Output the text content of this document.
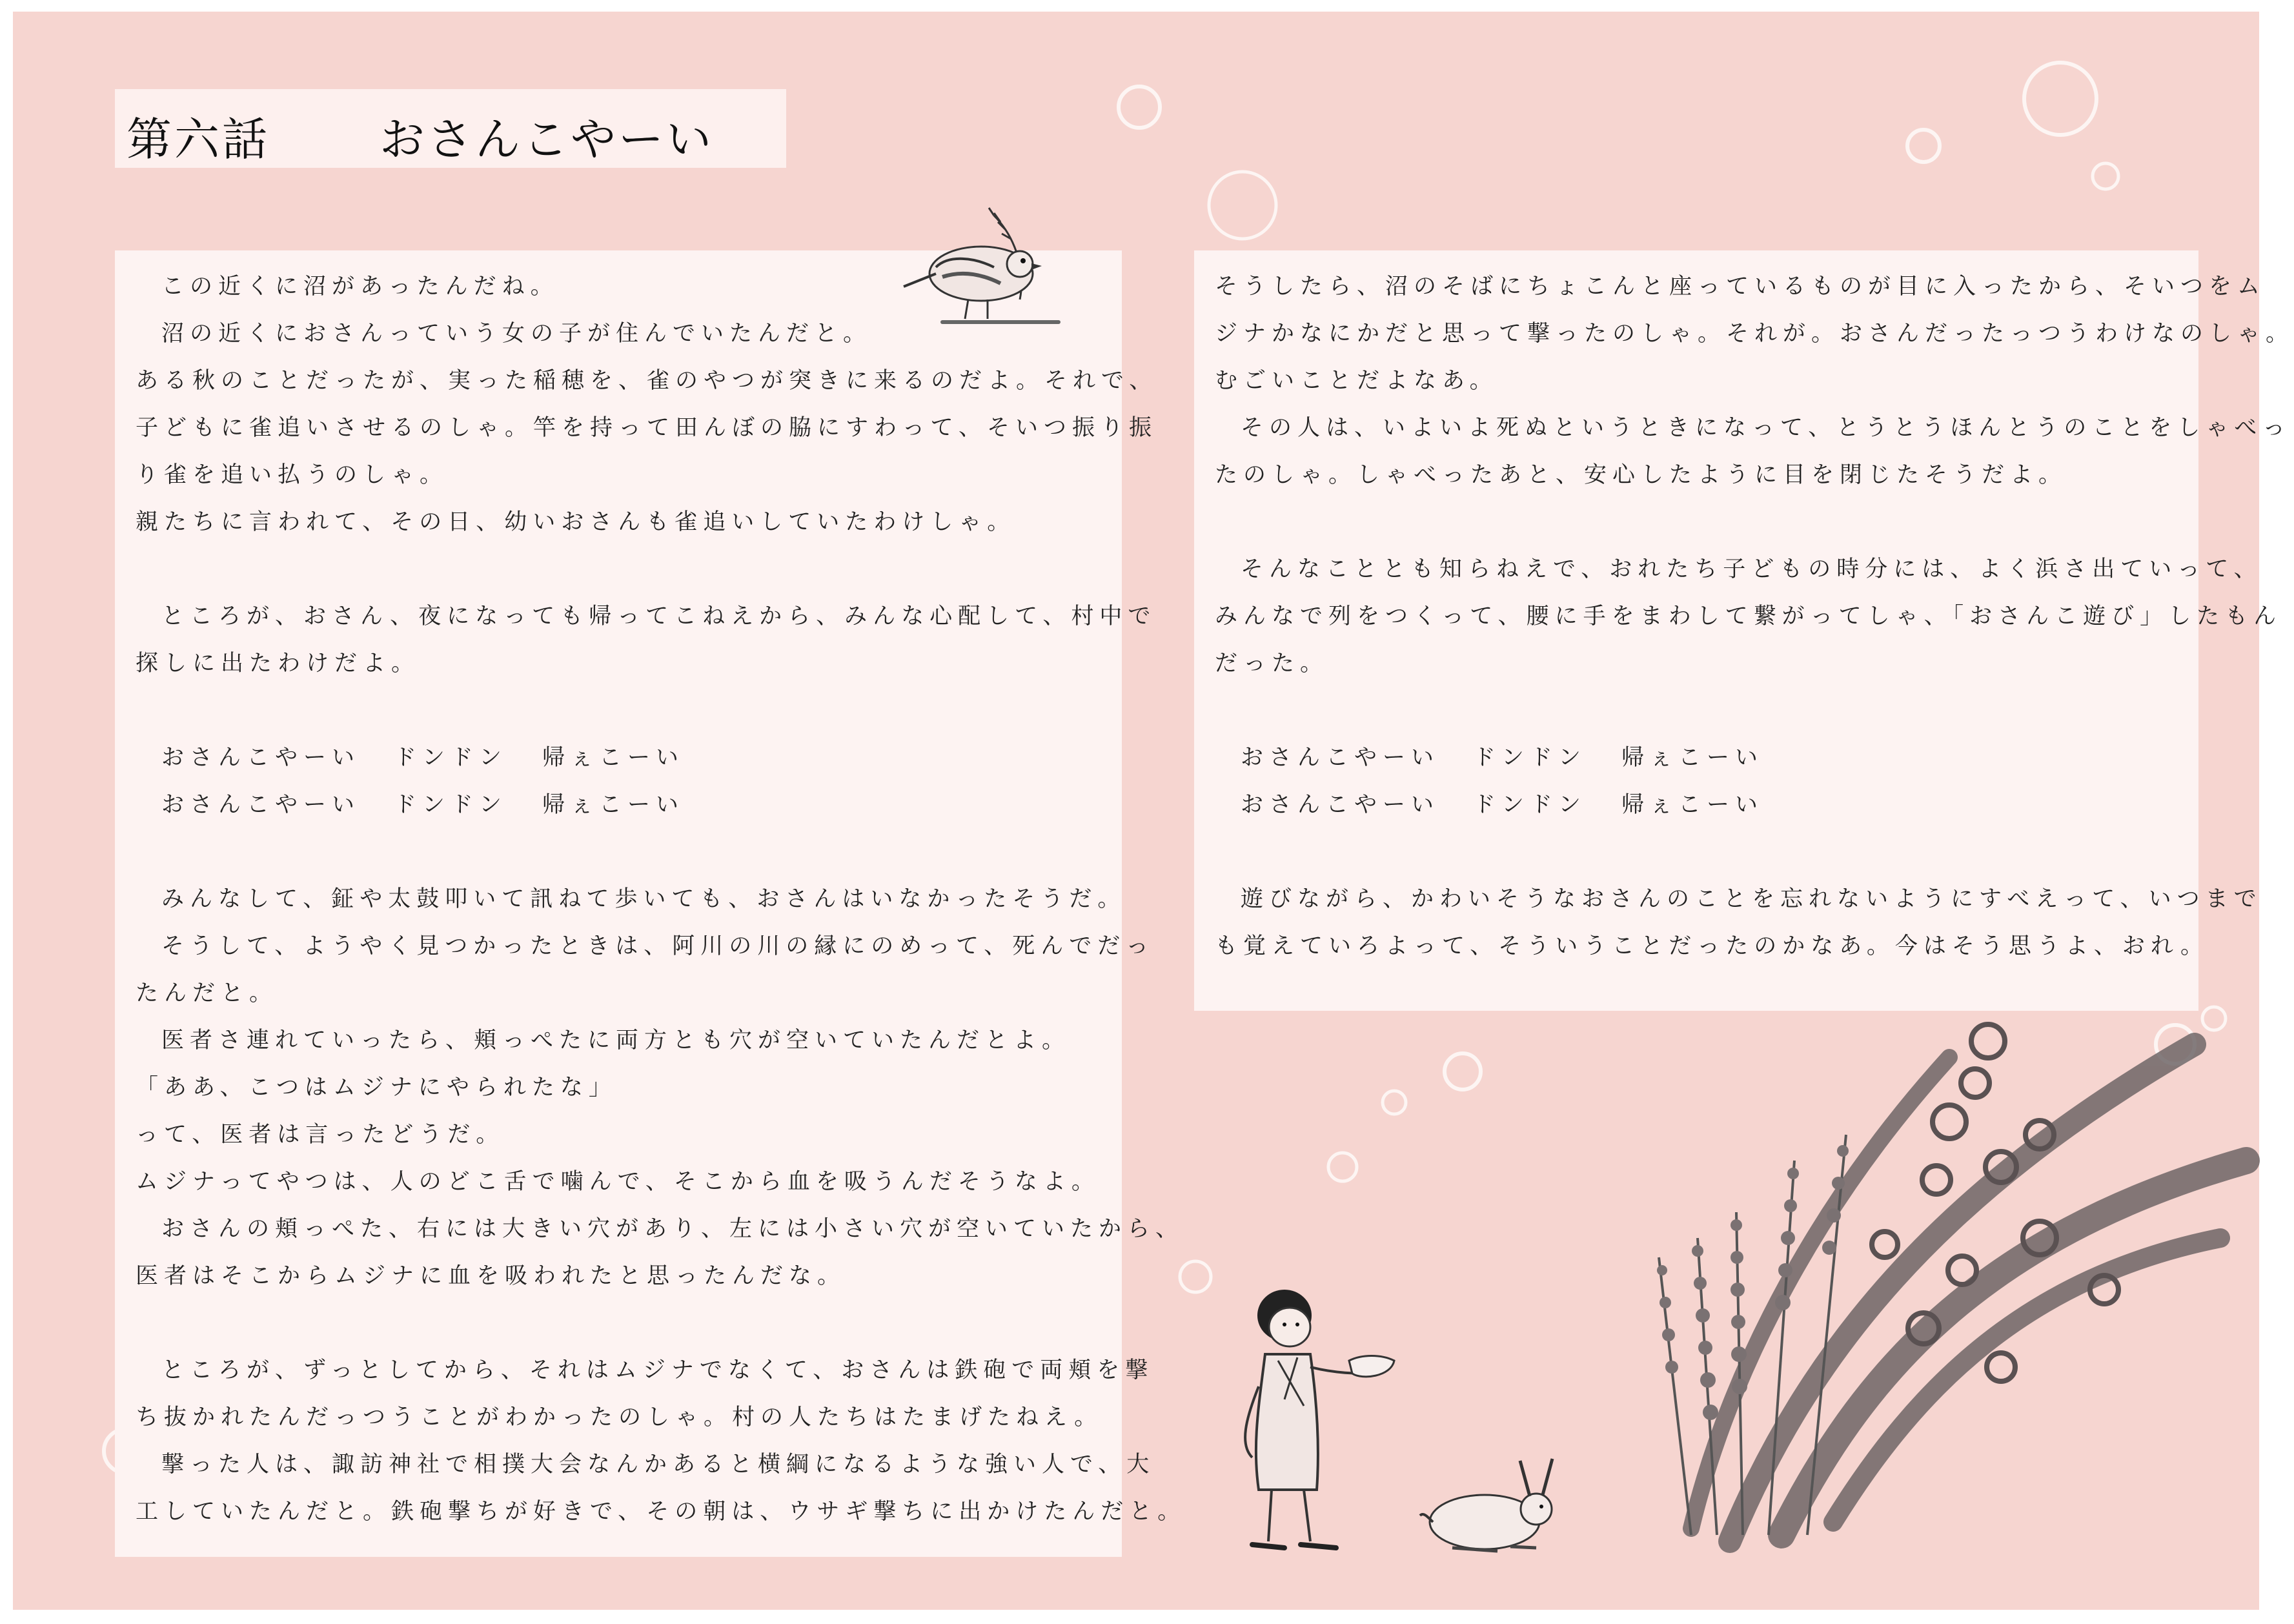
第六話 おさんこやーい
この近くに沼があったんだね。
沼の近くにおさんっていう女の子が住んでいたんだと。
ある秋のことだったが、実った稲穂を、雀のやつが突きに来るのだよ。それで、
子どもに雀追いさせるのしゃ。竿を持って田んぼの脇にすわって、そいつ振り振
り雀を追い払うのしゃ。
親たちに言われて、その日、幼いおさんも雀追いしていたわけしゃ。
ところが、おさん、夜になっても帰ってこねえから、みんな心配して、村中で
探しに出たわけだよ。
おさんこやーい ドンドン 帰ぇこーい
おさんこやーい ドンドン 帰ぇこーい
みんなして、鉦や太鼓叩いて訊ねて歩いても、おさんはいなかったそうだ。
そうして、ようやく見つかったときは、阿川の川の縁にのめって、死んでだっ
たんだと。
医者さ連れていったら、頬っぺたに両方とも穴が空いていたんだとよ。
「ああ、こつはムジナにやられたな」
って、医者は言ったどうだ。
ムジナってやつは、人のどこ舌で噛んで、そこから血を吸うんだそうなよ。
おさんの頬っぺた、右には大きい穴があり、左には小さい穴が空いていたから、
医者はそこからムジナに血を吸われたと思ったんだな。
ところが、ずっとしてから、それはムジナでなくて、おさんは鉄砲で両頬を撃
ち抜かれたんだっつうことがわかったのしゃ。村の人たちはたまげたねえ。
撃った人は、諏訪神社で相撲大会なんかあると横綱になるような強い人で、大
工していたんだと。鉄砲撃ちが好きで、その朝は、ウサギ撃ちに出かけたんだと。
そうしたら、沼のそばにちょこんと座っているものが目に入ったから、そいつをム
ジナかなにかだと思って撃ったのしゃ。それが。おさんだったっつうわけなのしゃ。
むごいことだよなあ。
その人は、いよいよ死ぬというときになって、とうとうほんとうのことをしゃべっ
たのしゃ。しゃべったあと、安心したように目を閉じたそうだよ。
そんなこととも知らねえで、おれたち子どもの時分には、よく浜さ出ていって、
みんなで列をつくって、腰に手をまわして繋がってしゃ、「おさんこ遊び」したもん
だった。
おさんこやーい ドンドン 帰ぇこーい
おさんこやーい ドンドン 帰ぇこーい
遊びながら、かわいそうなおさんのことを忘れないようにすべえって、いつまで
も覚えていろよって、そういうことだったのかなあ。今はそう思うよ、おれ。
